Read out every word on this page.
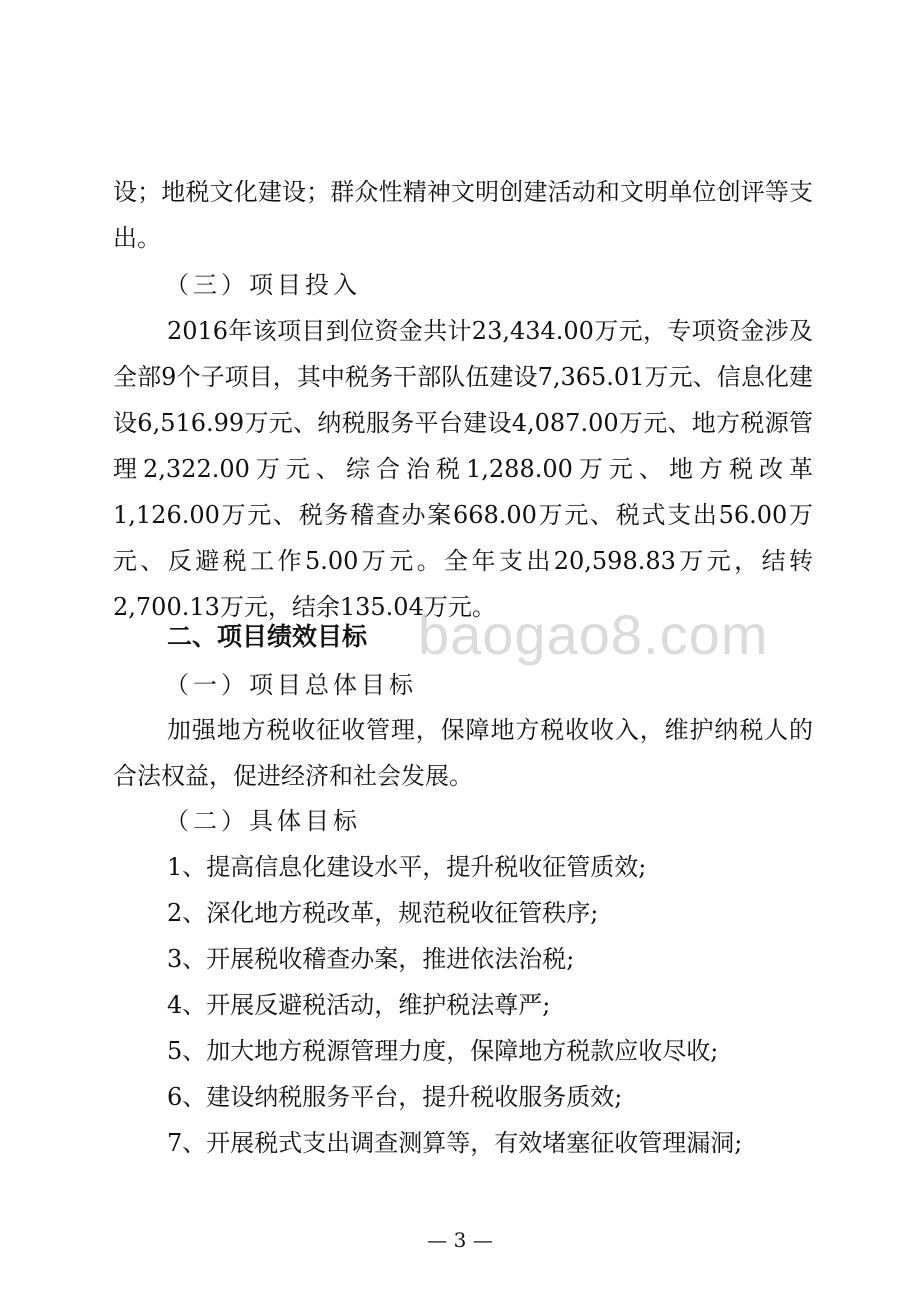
设；地税文化建设；群众性精神文明创建活动和文明单位创评等支出。
（三）项目投入
2016年该项目到位资金共计23,434.00万元，专项资金涉及全部9个子项目，其中税务干部队伍建设7,365.01万元、信息化建设6,516.99万元、纳税服务平台建设4,087.00万元、地方税源管理2,322.00万元、综合治税1,288.00万元、地方税改革1,126.00万元、税务稽查办案668.00万元、税式支出56.00万元、反避税工作5.00万元。全年支出20,598.83万元，结转2,700.13万元，结余135.04万元。
二、项目绩效目标
（一）项目总体目标
加强地方税收征收管理，保障地方税收收入，维护纳税人的合法权益，促进经济和社会发展。
（二）具体目标
1、提高信息化建设水平，提升税收征管质效;
2、深化地方税改革，规范税收征管秩序;
3、开展税收稽查办案，推进依法治税;
4、开展反避税活动，维护税法尊严;
5、加大地方税源管理力度，保障地方税款应收尽收;
6、建设纳税服务平台，提升税收服务质效;
7、开展税式支出调查测算等，有效堵塞征收管理漏洞;
baogao8.com
— 3 —
